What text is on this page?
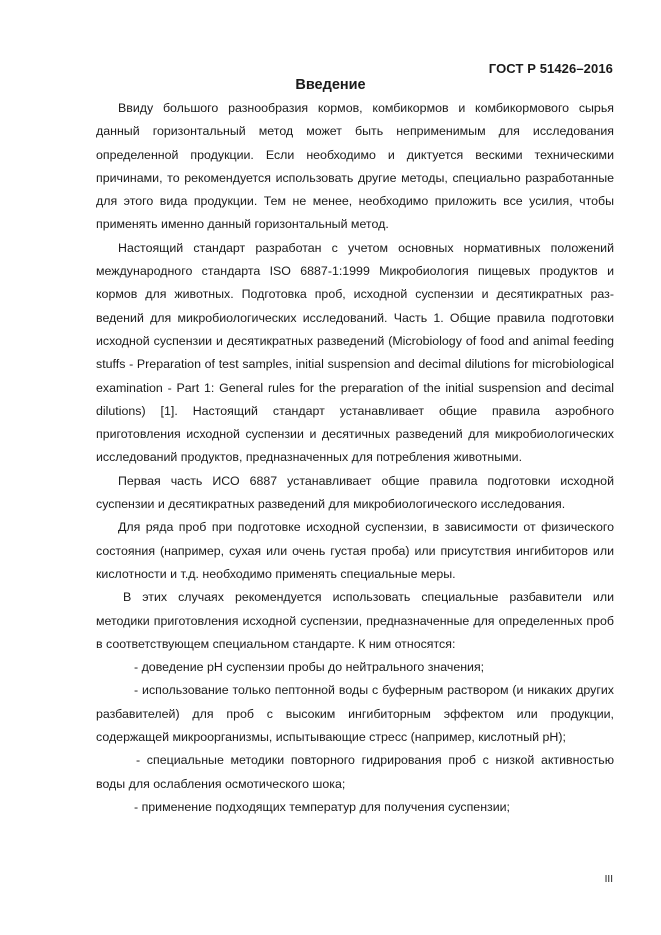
ГОСТ Р 51426–2016
Введение

Ввиду большого разнообразия кормов, комбикормов и комбикормового сырья данный горизонтальный метод может быть неприменимым для исследования определенной продукции. Если необходимо и диктуется вескими техническими причинами, то рекомендуется использовать другие методы, специально разработанные для этого вида продукции. Тем не менее, необходимо приложить все усилия, чтобы применять именно данный горизонтальный метод.

Настоящий стандарт разработан с учетом основных нормативных положений международного стандарта ISO 6887-1:1999 Микробиология пищевых продуктов и кормов для животных. Подготовка проб, исходной суспензии и десятикратных разведений для микробиологических исследований. Часть 1. Общие правила подготовки исходной суспензии и десятикратных разведений (Microbiology of food and animal feeding stuffs - Preparation of test samples, initial suspension and decimal dilutions for microbiological examination - Part 1: General rules for the preparation of the initial suspension and decimal dilutions) [1]. Настоящий стандарт устанавливает общие правила аэробного приготовления исходной суспензии и десятичных разведений для микробиологических исследований продуктов, предназначенных для потребления животными.

Первая часть ИСО 6887 устанавливает общие правила подготовки исходной суспензии и десятикратных разведений для микробиологического исследования.

Для ряда проб при подготовке исходной суспензии, в зависимости от физического состояния (например, сухая или очень густая проба) или присутствия ингибиторов или кислотности и т.д. необходимо применять специальные меры.

В этих случаях рекомендуется использовать специальные разбавители или методики приготовления исходной суспензии, предназначенные для определенных проб в соответствующем специальном стандарте. К ним относятся:

- доведение pH суспензии пробы до нейтрального значения;

- использование только пептонной воды с буферным раствором (и никаких других разбавителей) для проб с высоким ингибиторным эффектом или продукции, содержащей микроорганизмы, испытывающие стресс (например, кислотный pH);

- специальные методики повторного гидрирования проб с низкой активностью воды для ослабления осмотического шока;

- применение подходящих температур для получения суспензии;

III
